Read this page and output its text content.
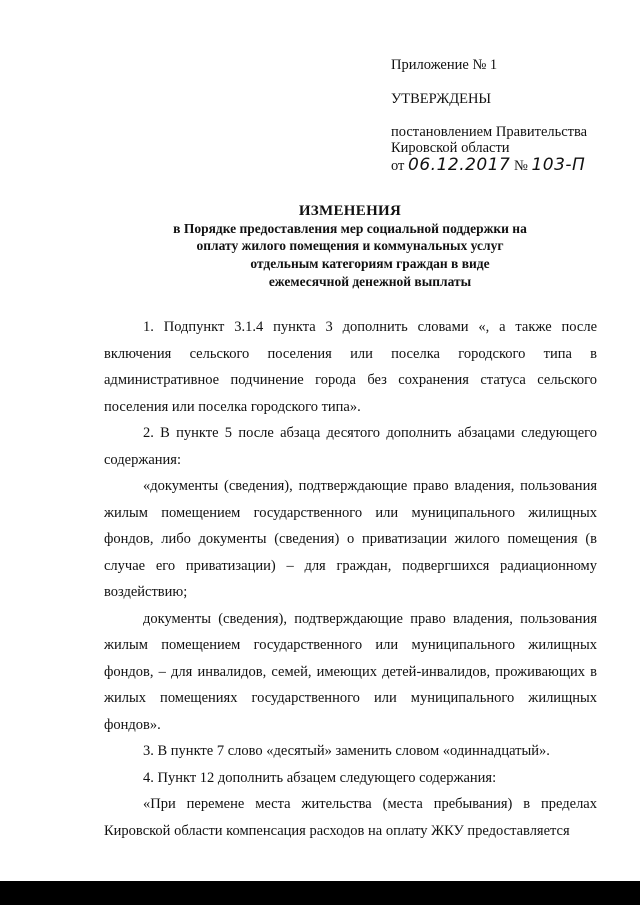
Приложение № 1
УТВЕРЖДЕНЫ
постановлением Правительства
Кировской области
от 06.12.2017 № 103-П
ИЗМЕНЕНИЯ
в Порядке предоставления мер социальной поддержки на
оплату жилого помещения и коммунальных услуг
отдельным категориям граждан в виде
ежемесячной денежной выплаты

1. Подпункт 3.1.4 пункта 3 дополнить словами «, а также после включения сельского поселения или поселка городского типа в административное подчинение города без сохранения статуса сельского поселения или поселка городского типа».

2. В пункте 5 после абзаца десятого дополнить абзацами следующего содержания:

«документы (сведения), подтверждающие право владения, пользования жилым помещением государственного или муниципального жилищных фондов, либо документы (сведения) о приватизации жилого помещения (в случае его приватизации) – для граждан, подвергшихся радиационному воздействию;

документы (сведения), подтверждающие право владения, пользования жилым помещением государственного или муниципального жилищных фондов, – для инвалидов, семей, имеющих детей-инвалидов, проживающих в жилых помещениях государственного или муниципального жилищных фондов».

3. В пункте 7 слово «десятый» заменить словом «одиннадцатый».

4. Пункт 12 дополнить абзацем следующего содержания:

«При перемене места жительства (места пребывания) в пределах Кировской области компенсация расходов на оплату ЖКУ предоставляется
